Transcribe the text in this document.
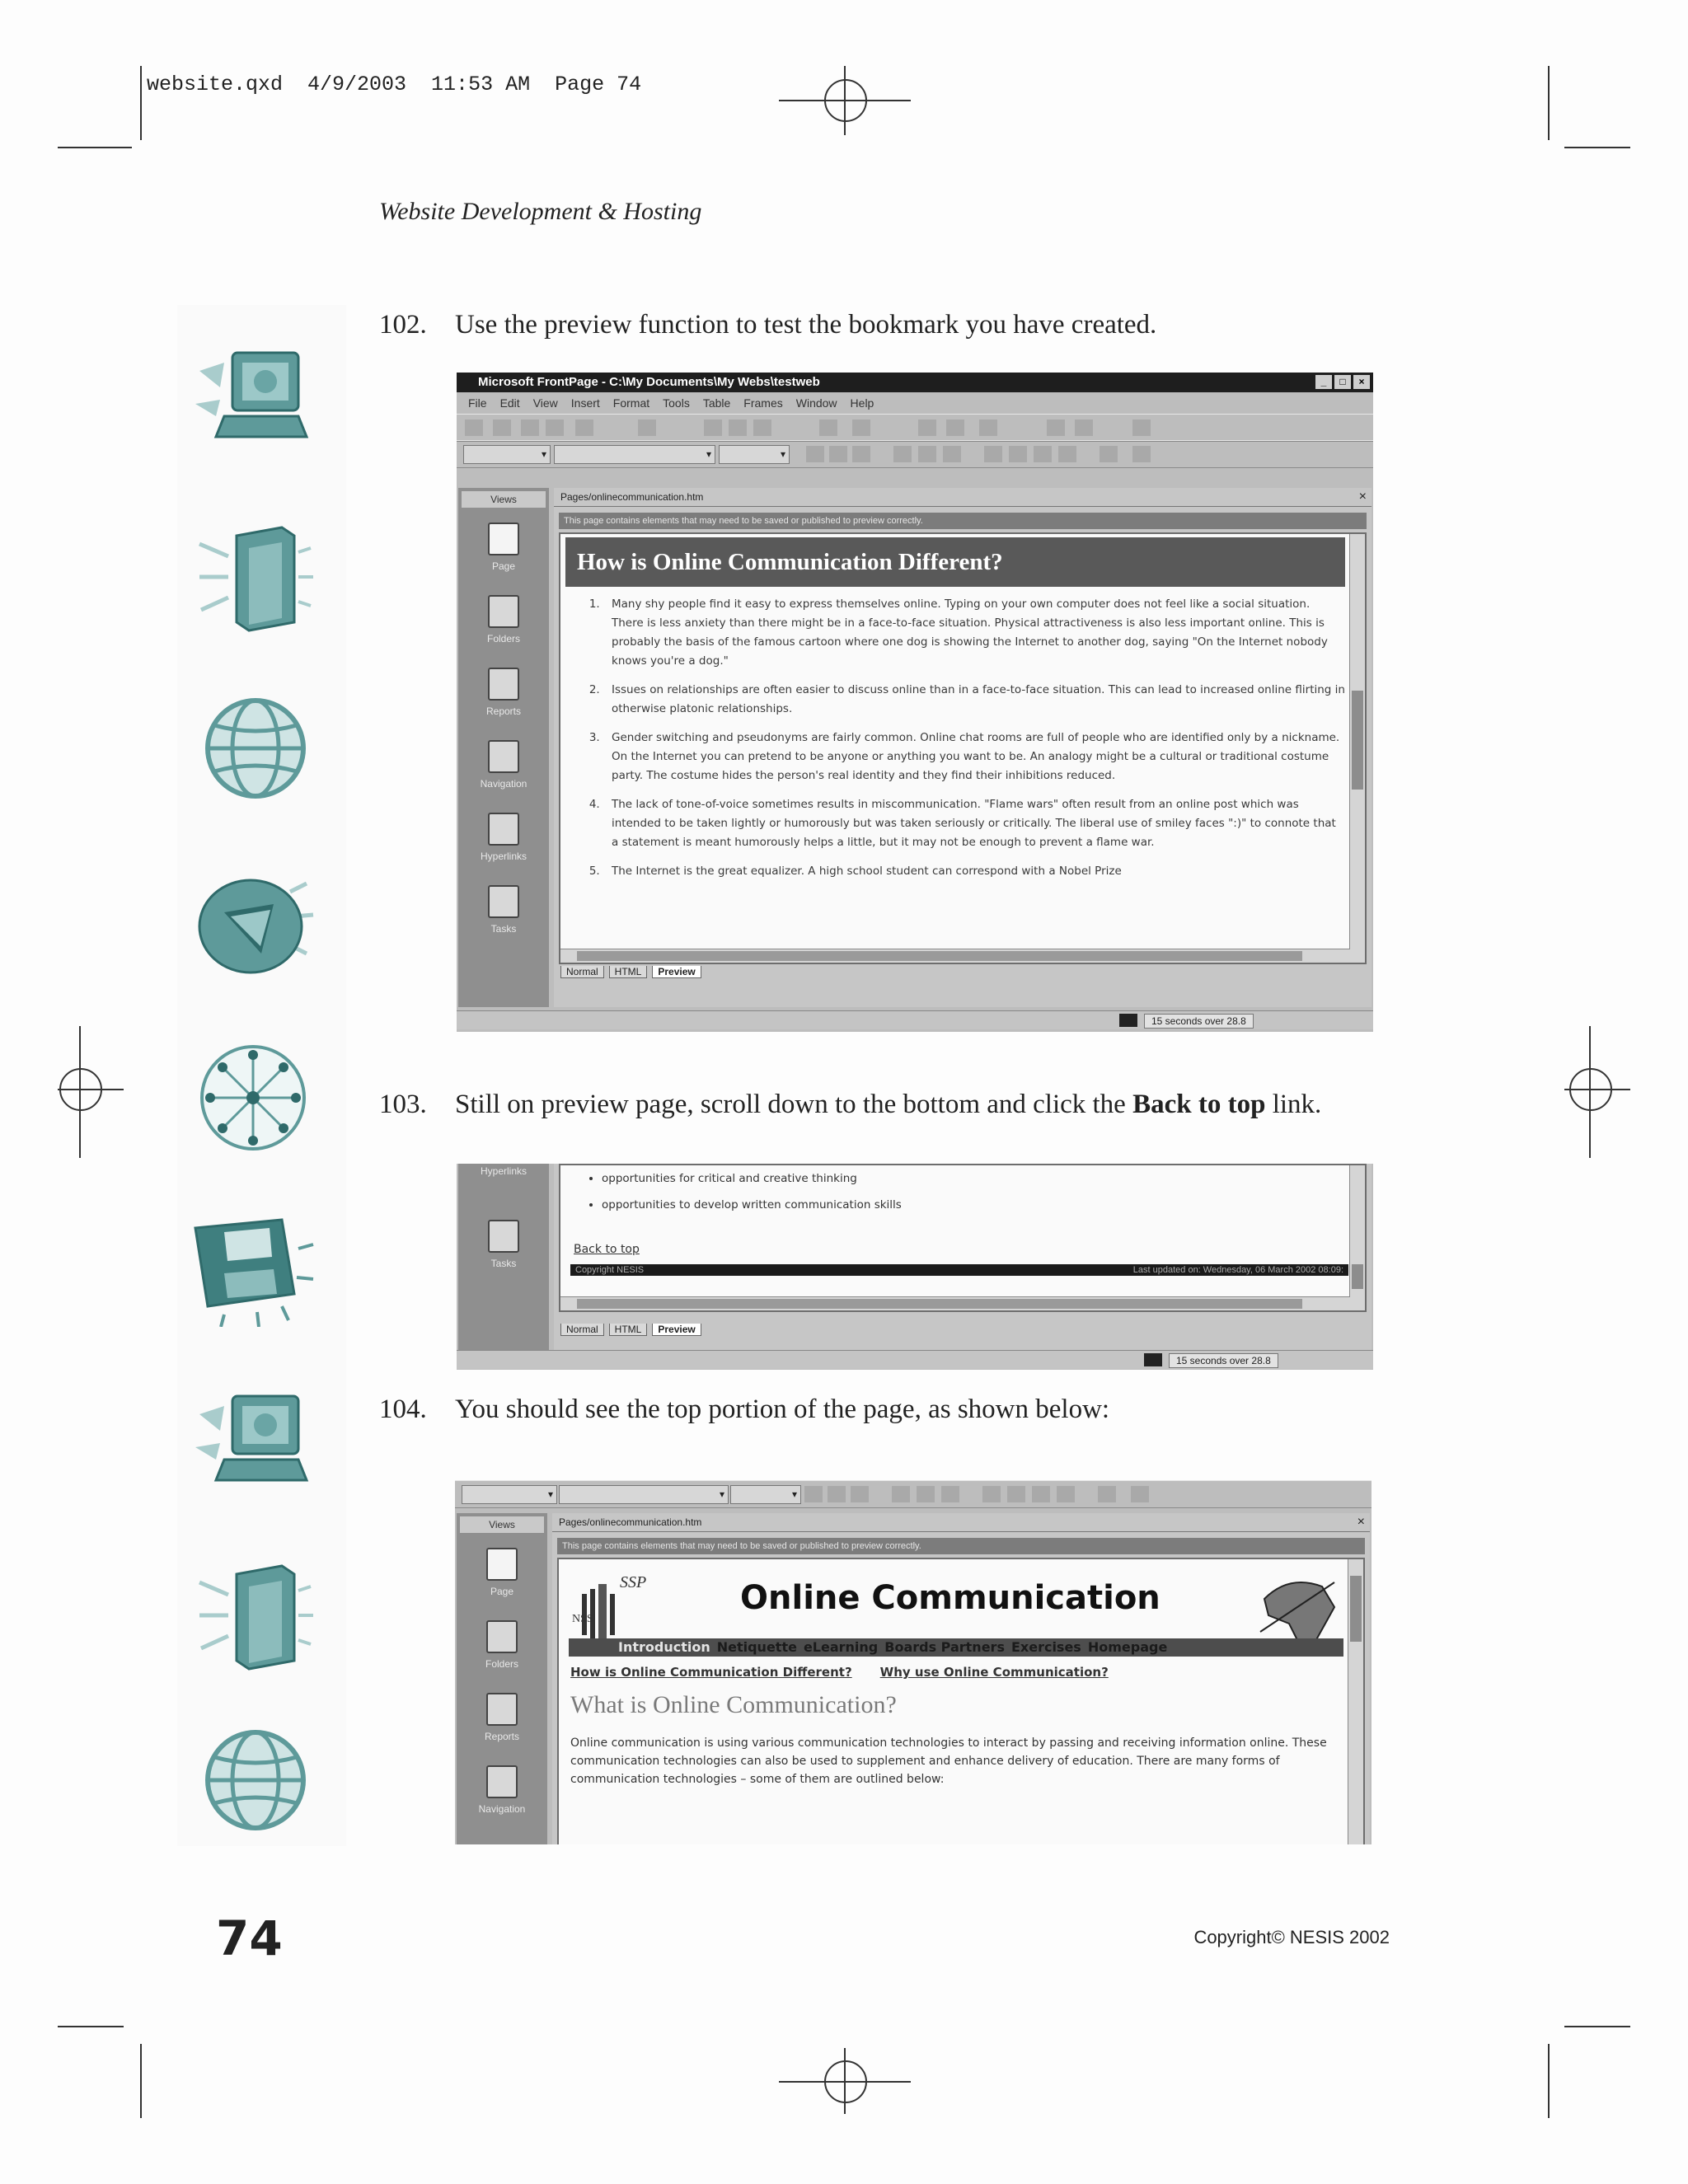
website.qxd  4/9/2003  11:53 AM  Page 74
Website Development & Hosting
102. Use the preview function to test the bookmark you have created.
Microsoft FrontPage - C:\My Documents\My Webs\testweb	_	□	×
File Edit View Insert Format Tools Table Frames Window Help
▾	▾	▾
Views
Page
Folders
Reports
Navigation
Hyperlinks
Tasks
Pages/onlinecommunication.htm	×
This page contains elements that may need to be saved or published to preview correctly.
How is Online Communication Different?
1. Many shy people find it easy to express themselves online. Typing on your own computer does not feel like a social situation. There is less anxiety than there might be in a face-to-face situation. Physical attractiveness is also less important online. This is probably the basis of the famous cartoon where one dog is showing the Internet to another dog, saying "On the Internet nobody knows you're a dog."
2. Issues on relationships are often easier to discuss online than in a face-to-face situation. This can lead to increased online flirting in otherwise platonic relationships.
3. Gender switching and pseudonyms are fairly common. Online chat rooms are full of people who are identified only by a nickname. On the Internet you can pretend to be anyone or anything you want to be. An analogy might be a cultural or traditional costume party. The costume hides the person's real identity and they find their inhibitions reduced.
4. The lack of tone-of-voice sometimes results in miscommunication. "Flame wars" often result from an online post which was intended to be taken lightly or humorously but was taken seriously or critically. The liberal use of smiley faces ":)" to connote that a statement is meant humorously helps a little, but it may not be enough to prevent a flame war.
5. The Internet is the great equalizer. A high school student can correspond with a Nobel Prize
Normal	HTML	Preview
15 seconds over 28.8
103. Still on preview page, scroll down to the bottom and click the Back to top link.
Hyperlinks
Tasks
• opportunities for critical and creative thinking
• opportunities to develop written communication skills
Back to top
Copyright NESIS	Last updated on: Wednesday, 06 March 2002 08:09:
Normal	HTML	Preview
15 seconds over 28.8
104. You should see the top portion of the page, as shown below:
▾	▾	▾
Views
Page
Folders
Reports
Navigation
Pages/onlinecommunication.htm	×
This page contains elements that may need to be saved or published to preview correctly.
SSP
NSS
Online Communication
Introduction Netiquette eLearning Boards Partners Exercises Homepage
How is Online Communication Different? Why use Online Communication?
What is Online Communication?
Online communication is using various communication technologies to interact by passing and receiving information online. These communication technologies can also be used to supplement and enhance delivery of education. There are many forms of communication technologies – some of them are outlined below:
74	Copyright© NESIS 2002
